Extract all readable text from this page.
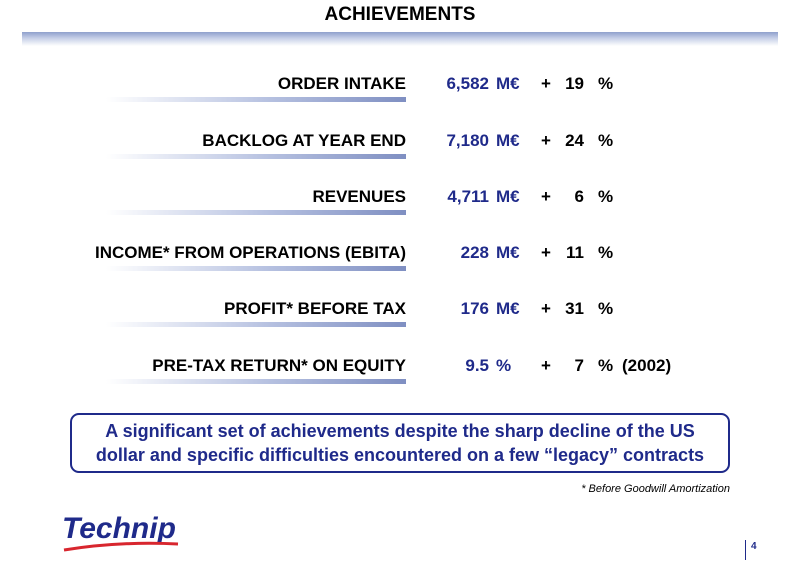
ACHIEVEMENTS
ORDER INTAKE 6,582 M€ + 19 %
BACKLOG AT YEAR END 7,180 M€ + 24 %
REVENUES 4,711 M€ + 6 %
INCOME* FROM OPERATIONS (EBITA)	228 M€ + 11 %
PROFIT* BEFORE TAX	176 M€ + 31 %
PRE-TAX RETURN* ON EQUITY	9.5 % + 7 % (2002)
A significant set of achievements despite the sharp decline of the US dollar and specific difficulties encountered on a few “legacy” contracts
* Before Goodwill Amortization
Technip
4
